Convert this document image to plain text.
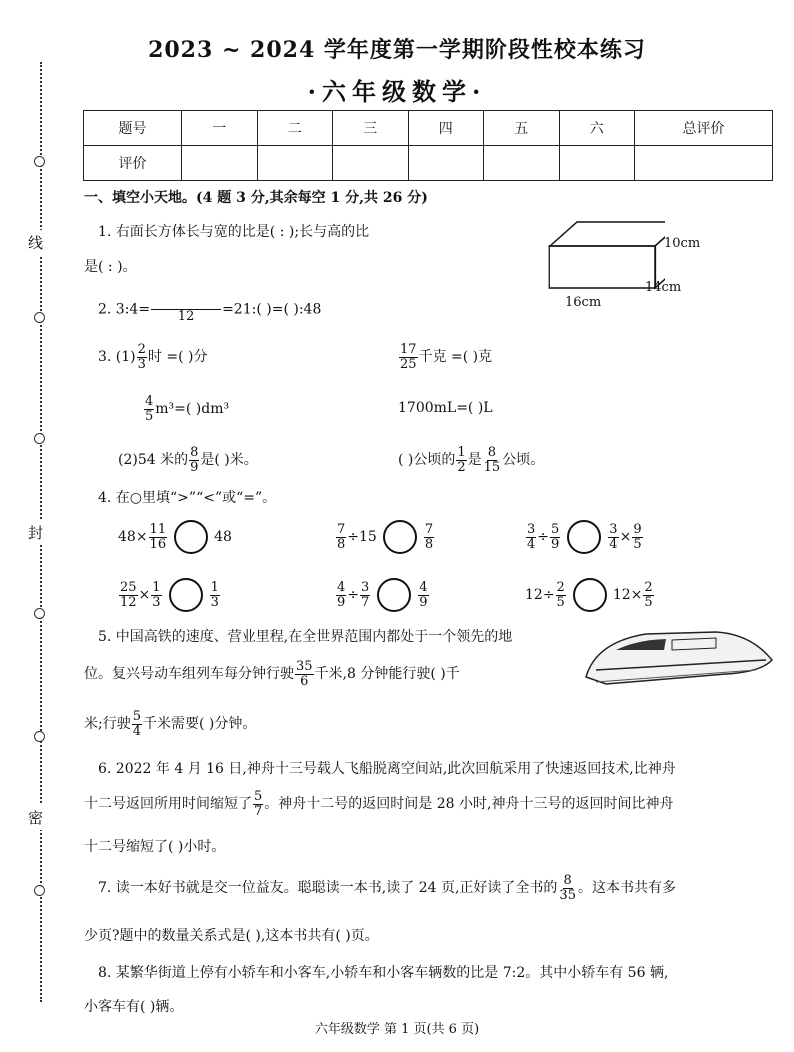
线
封
密
2023 ~ 2024 学年度第一学期阶段性校本练习
·六年级数学·
题号	一	二	三	四	五	六	总评价
评价							
一、填空小天地。(4 题 3 分,其余每空 1 分,共 26 分)
1. 右面长方体长与宽的比是( : );长与高的比
是( : )。
10cm
14cm
16cm
2. 3:4= 12 =21:( )=( ):48
3. $(1) \frac{2}{3}$ 时 =( )分	$\frac{17}{25}$ 千克 =( )克
$\frac{4}{5} m^3=$( )dm³	1700mL=( )L
(2)54 米的 $\frac{8}{9}$ 是( )米。	( )公顷的 $\frac{1}{2}$ 是 $\frac{8}{15}$ 公顷。
4. 在○里填“>”“<”或“=”。
$48\times \frac{11}{16}$	48	$\frac{7}{8} \div 15$	$\frac{7}{8}$	$\frac{3}{4} \div \frac{5}{9}$	$\frac{3}{4} \times \frac{9}{5}$
$\frac{25}{12} \times \frac{1}{3}$	$\frac{1}{3}$	$\frac{4}{9} \div \frac{3}{7}$	$\frac{4}{9}$	$12\div \frac{2}{5}$	$12\times \frac{2}{5}$
5. 中国高铁的速度、营业里程,在全世界范围内都处于一个领先的地
位。复兴号动车组列车每分钟行驶 $\frac{35}{6}$ 千米,8 分钟能行驶( )千
米;行驶 $\frac{5}{4}$ 千米需要( )分钟。
6. 2022 年 4 月 16 日,神舟十三号载人飞船脱离空间站,此次回航采用了快速返回技术,比神舟
十二号返回所用时间缩短了 $\frac{5}{7}$ 。神舟十二号的返回时间是 28 小时,神舟十三号的返回时间比神舟
十二号缩短了( )小时。
7. 读一本好书就是交一位益友。聪聪读一本书,读了 24 页,正好读了全书的 $\frac{8}{35}$ 。这本书共有多
少页?题中的数量关系式是( ),这本书共有( )页。
8. 某繁华街道上停有小轿车和小客车,小轿车和小客车辆数的比是 7:2。其中小轿车有 56 辆,
小客车有( )辆。
六年级数学 第 1 页(共 6 页)
